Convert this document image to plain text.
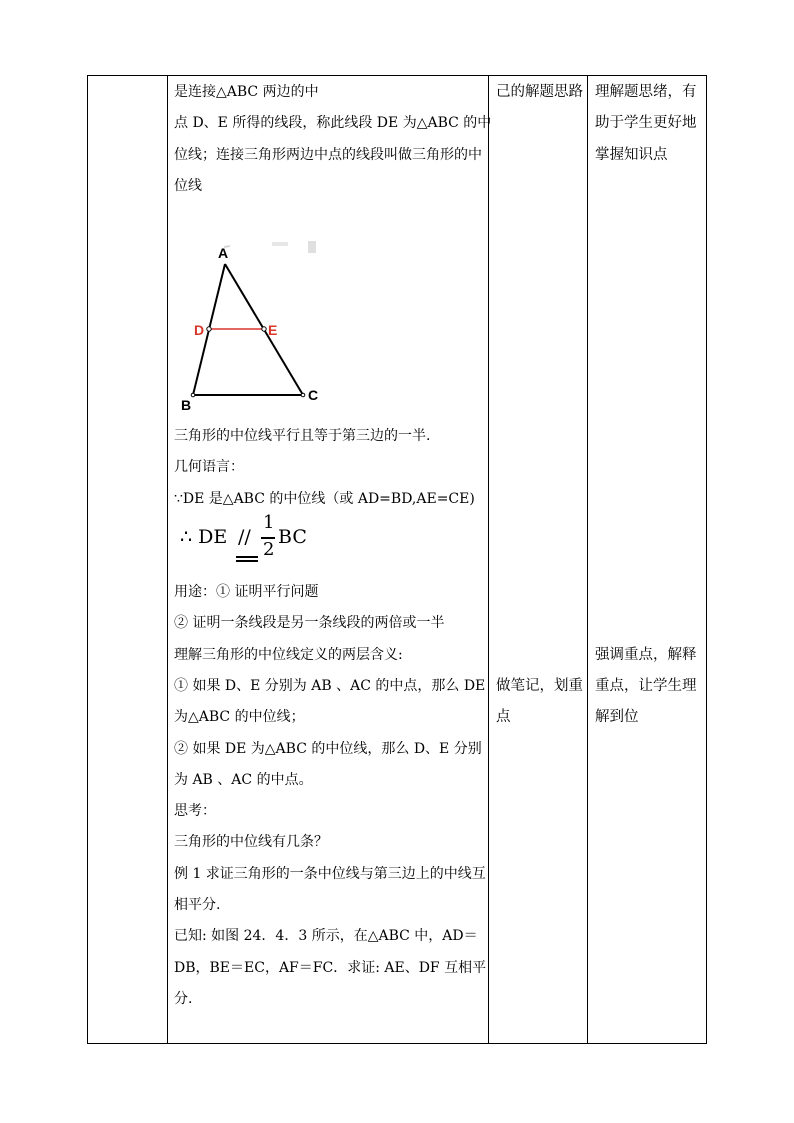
是连接△ABC 两边的中
点 D、E 所得的线段，称此线段 DE 为△ABC 的中
位线；连接三角形两边中点的线段叫做三角形的中
位线
A
D	E
B
C
三角形的中位线平行且等于第三边的一半.
几何语言：
∵DE 是△ABC 的中位线（或 AD=BD,AE=CE)
∴ DE //
1
2
BC
用途：① 证明平行问题
② 证明一条线段是另一条线段的两倍或一半
理解三角形的中位线定义的两层含义:
① 如果 D、E 分别为 AB 、AC 的中点，那么 DE
为△ABC 的中位线；
② 如果 DE 为△ABC 的中位线，那么 D、E 分别
为 AB 、AC 的中点。
思考：
三角形的中位线有几条？
例 1 求证三角形的一条中位线与第三边上的中线互
相平分.
已知: 如图 24．4．3 所示，在△ABC 中，AD＝
DB，BE＝EC，AF＝FC．求证: AE、DF 互相平
分.
己的解题思路
做笔记，划重
点
理解题思绪，有
助于学生更好地
掌握知识点
强调重点，解释
重点，让学生理
解到位
